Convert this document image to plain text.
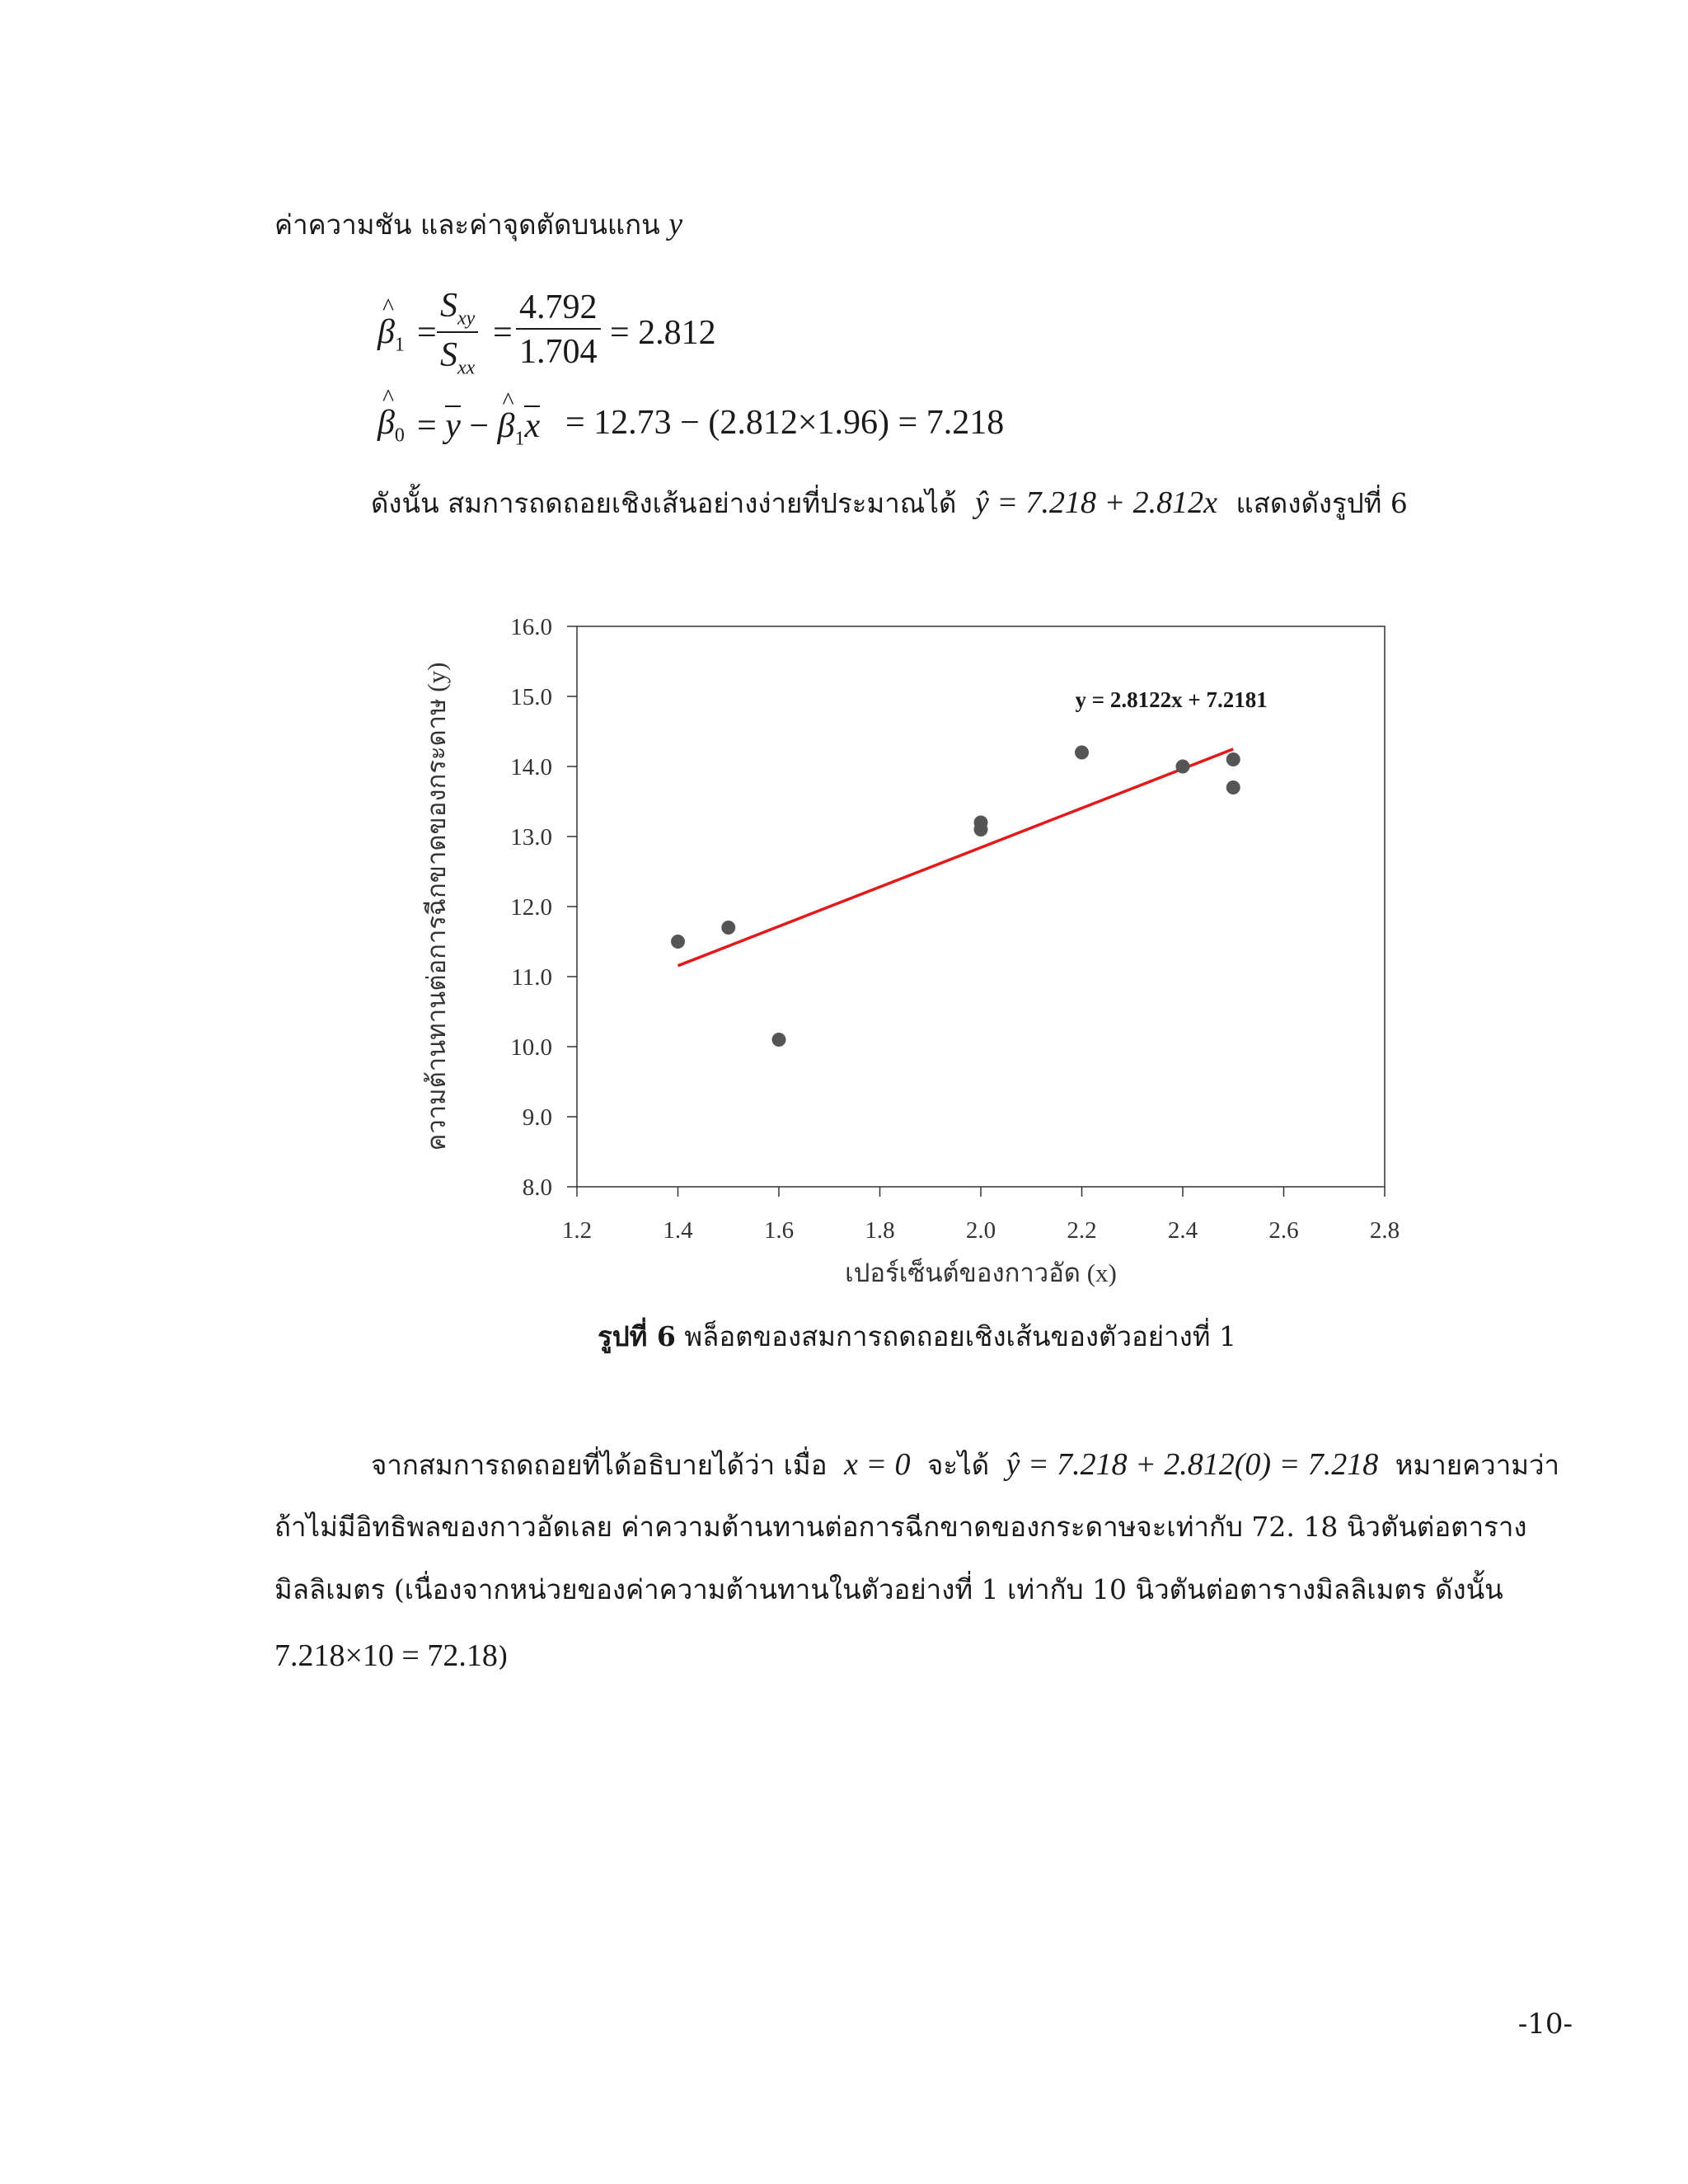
ค่าความชัน และค่าจุดตัดบนแกน y
^ $\beta_1$ =
$S_{xy}$
$S_{xx}$
= $\frac{4.792}{1.704} = 2.812$
^ $\beta_0 = y$ − ^ $\beta_1x = 12.73 - (2.812\times 1.96) = 7.218$
ดังนั้น สมการถดถอยเชิงเส้นอย่างง่ายที่ประมาณได้ ŷ = 7.218 + 2.812x แสดงดังรูปที่ 6
8.0
9.0
10.0
11.0
12.0
13.0
14.0
15.0
16.0
1.2	1.4	1.6	1.8	2.0	2.2	2.4	2.6	2.8
y = 2.8122x + 7.2181
เปอร์เซ็นต์ของกาวอัด (x)
ความต้านทานต่อการฉีกขาดของกระดาษ (y)
รูปที่ 6 พล็อตของสมการถดถอยเชิงเส้นของตัวอย่างที่ 1
จากสมการถดถอยที่ได้อธิบายได้ว่า เมื่อ x = 0 จะได้ ŷ = 7.218 + 2.812(0) = 7.218 หมายความว่า
ถ้าไม่มีอิทธิพลของกาวอัดเลย ค่าความต้านทานต่อการฉีกขาดของกระดาษจะเท่ากับ 72. 18 นิวตันต่อตาราง
มิลลิเมตร (เนื่องจากหน่วยของค่าความต้านทานในตัวอย่างที่ 1 เท่ากับ 10 นิวตันต่อตารางมิลลิเมตร ดังนั้น
7.218×10 = 72.18)
-10-
